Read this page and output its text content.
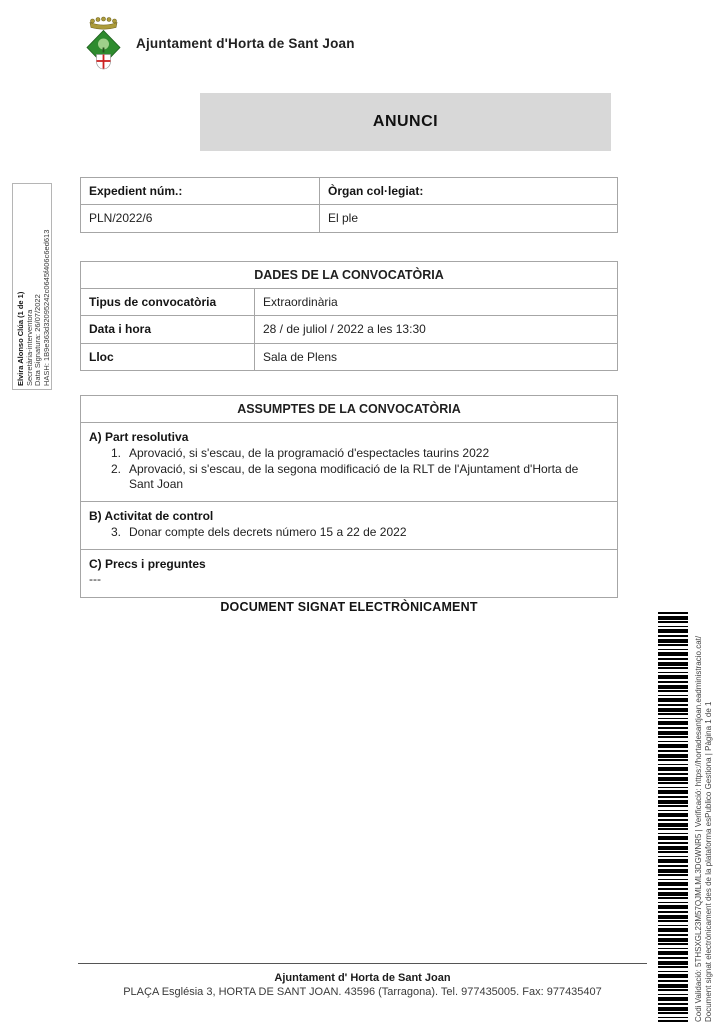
Ajuntament d'Horta de Sant Joan
ANUNCI
Expedient núm.:	Òrgan col·legiat:
PLN/2022/6	El ple
DADES DE LA CONVOCATÒRIA
Tipus de convocatòria	Extraordinària
Data i hora	28 / de juliol / 2022 a les 13:30
Lloc	Sala de Plens
ASSUMPTES DE LA CONVOCATÒRIA
A) Part resolutiva
1. Aprovació, si s'escau, de la programació d'espectacles taurins 2022
2. Aprovació, si s'escau, de la segona modificació de la RLT de l'Ajuntament d'Horta de Sant Joan
B) Activitat de control
3. Donar compte dels decrets número 15 a 22 de 2022
C) Precs i preguntes
---
DOCUMENT SIGNAT ELECTRÒNICAMENT
Elvira Alonso Clúa (1 de 1) Secretària-interventora Data Signatura: 26/07/2022 HASH: 1B9e363d32095242c0645f406c6ed613
Codi Validació: 5THSXGL23M57QJMLML3DGWNR5 | Verificació: https://hortadesantjoan.eadministracio.cat/ Document signat electrònicament des de la plataforma esPublico Gestiona | Pàgina 1 de 1
Ajuntament d' Horta de Sant Joan
PLAÇA Església 3, HORTA DE SANT JOAN. 43596 (Tarragona). Tel. 977435005. Fax: 977435407
